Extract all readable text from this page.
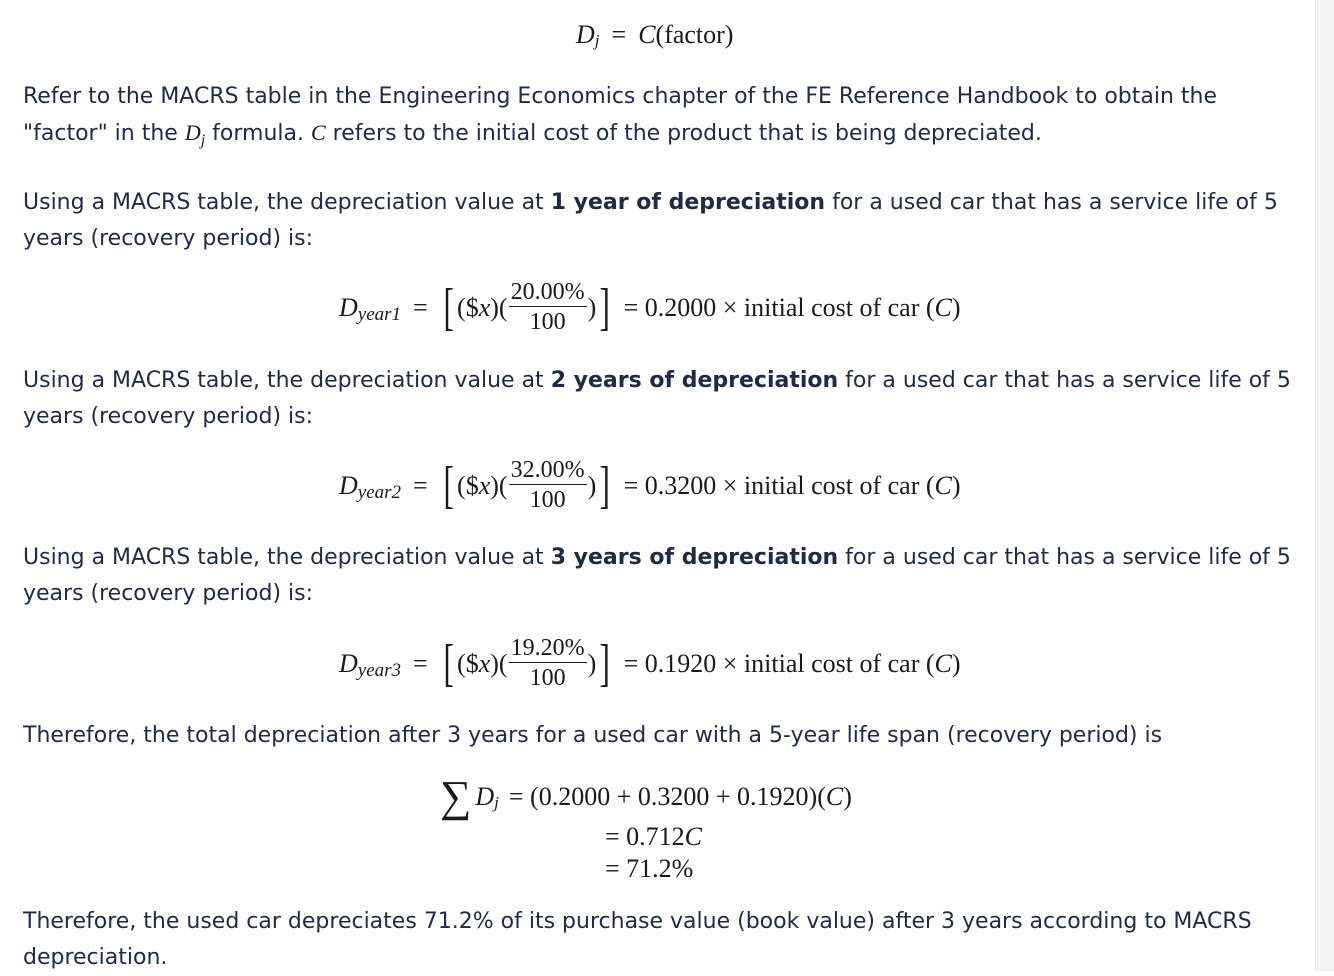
D j = C (factor)

Refer to the MACRS table in the Engineering Economics chapter of the FE Reference Handbook to obtain the "factor" in the $D_j$ formula. C refers to the initial cost of the product that is being depreciated.

Using a MACRS table, the depreciation value at 1 year of depreciation for a used car that has a service life of 5 years (recovery period) is:

D year1 = [ ($ x )( $\frac{20.00\%}{100}$ ) ] = 0.2000 × initial cost of car ( C )

Using a MACRS table, the depreciation value at 2 years of depreciation for a used car that has a service life of 5 years (recovery period) is:

D year2 = [ ($ x )( $\frac{32.00\%}{100}$ ) ] = 0.3200 × initial cost of car ( C )

Using a MACRS table, the depreciation value at 3 years of depreciation for a used car that has a service life of 5 years (recovery period) is:

D year3 = [ ($ x )( $\frac{19.20\%}{100}$ ) ] = 0.1920 × initial cost of car ( C )

Therefore, the total depreciation after 3 years for a used car with a 5-year life span (recovery period) is

∑ D j = (0.2000 + 0.3200 + 0.1920)( C )
= 0.712 C
= 71.2%

Therefore, the used car depreciates 71.2% of its purchase value (book value) after 3 years according to MACRS depreciation.
